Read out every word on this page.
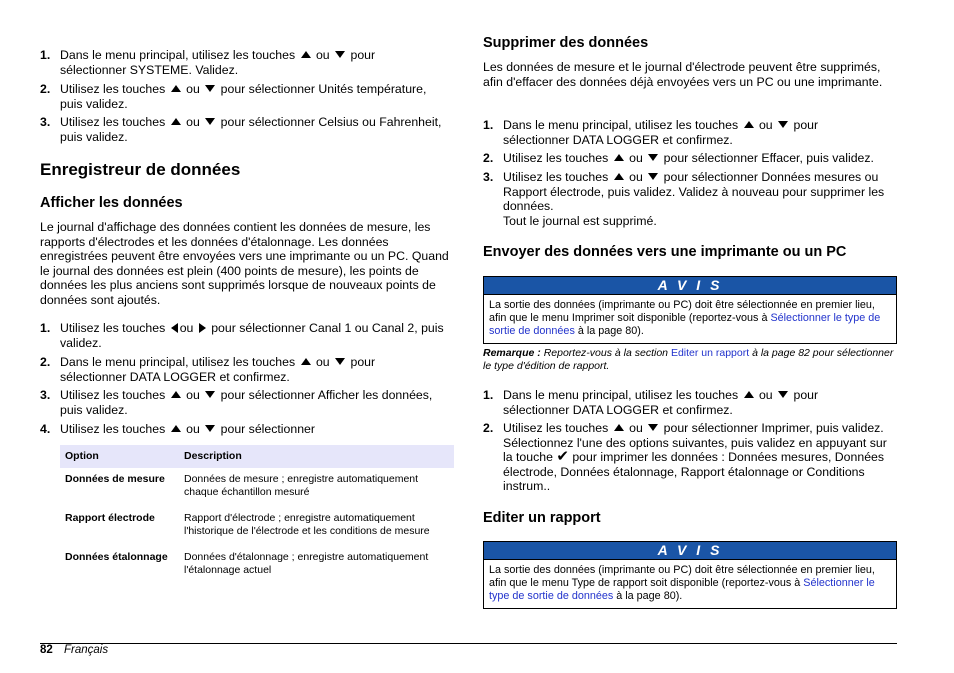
1. Dans le menu principal, utilisez les touches ou pour
sélectionner SYSTEME. Validez.
2. Utilisez les touches ou pour sélectionner Unités température,
puis validez.
3. Utilisez les touches ou pour sélectionner Celsius ou Fahrenheit,
puis validez.
Enregistreur de données
Afficher les données

Le journal d'affichage des données contient les données de mesure, les rapports d'électrodes et les données d'étalonnage. Les données enregistrées peuvent être envoyées vers une imprimante ou un PC. Quand le journal des données est plein (400 points de mesure), les points de données les plus anciens sont supprimés lorsque de nouveaux points de données sont ajoutés.

1. Utilisez les touches ou pour sélectionner Canal 1 ou Canal 2, puis
validez.
2. Dans le menu principal, utilisez les touches ou pour
sélectionner DATA LOGGER et confirmez.
3. Utilisez les touches ou pour sélectionner Afficher les données,
puis validez.
4. Utilisez les touches ou pour sélectionner
Option	Description
Données de mesure	Données de mesure ; enregistre automatiquement chaque échantillon mesuré
Rapport électrode	Rapport d'électrode ; enregistre automatiquement l'historique de l'électrode et les conditions de mesure
Données étalonnage	Données d'étalonnage ; enregistre automatiquement l'étalonnage actuel
Supprimer des données

Les données de mesure et le journal d'électrode peuvent être supprimés, afin d'effacer des données déjà envoyées vers un PC ou une imprimante.

1. Dans le menu principal, utilisez les touches ou pour
sélectionner DATA LOGGER et confirmez.
2. Utilisez les touches ou pour sélectionner Effacer, puis validez.
3. Utilisez les touches ou pour sélectionner Données mesures ou
Rapport électrode, puis validez. Validez à nouveau pour supprimer les données.
Tout le journal est supprimé.
Envoyer des données vers une imprimante ou un PC
A V I S
La sortie des données (imprimante ou PC) doit être sélectionnée en premier lieu, afin que le menu Imprimer soit disponible (reportez-vous à Sélectionner le type de sortie de données à la page 80).
Remarque : Reportez-vous à la section Editer un rapport à la page 82 pour sélectionner le type d'édition de rapport.
1. Dans le menu principal, utilisez les touches ou pour
sélectionner DATA LOGGER et confirmez.
2. Utilisez les touches ou pour sélectionner Imprimer, puis validez.
Sélectionnez l'une des options suivantes, puis validez en appuyant sur la touche ✔ pour imprimer les données : Données mesures, Données électrode, Données étalonnage, Rapport étalonnage or Conditions instrum..
Editer un rapport
A V I S
La sortie des données (imprimante ou PC) doit être sélectionnée en premier lieu, afin que le menu Type de rapport soit disponible (reportez-vous à Sélectionner le type de sortie de données à la page 80).
82 Français
